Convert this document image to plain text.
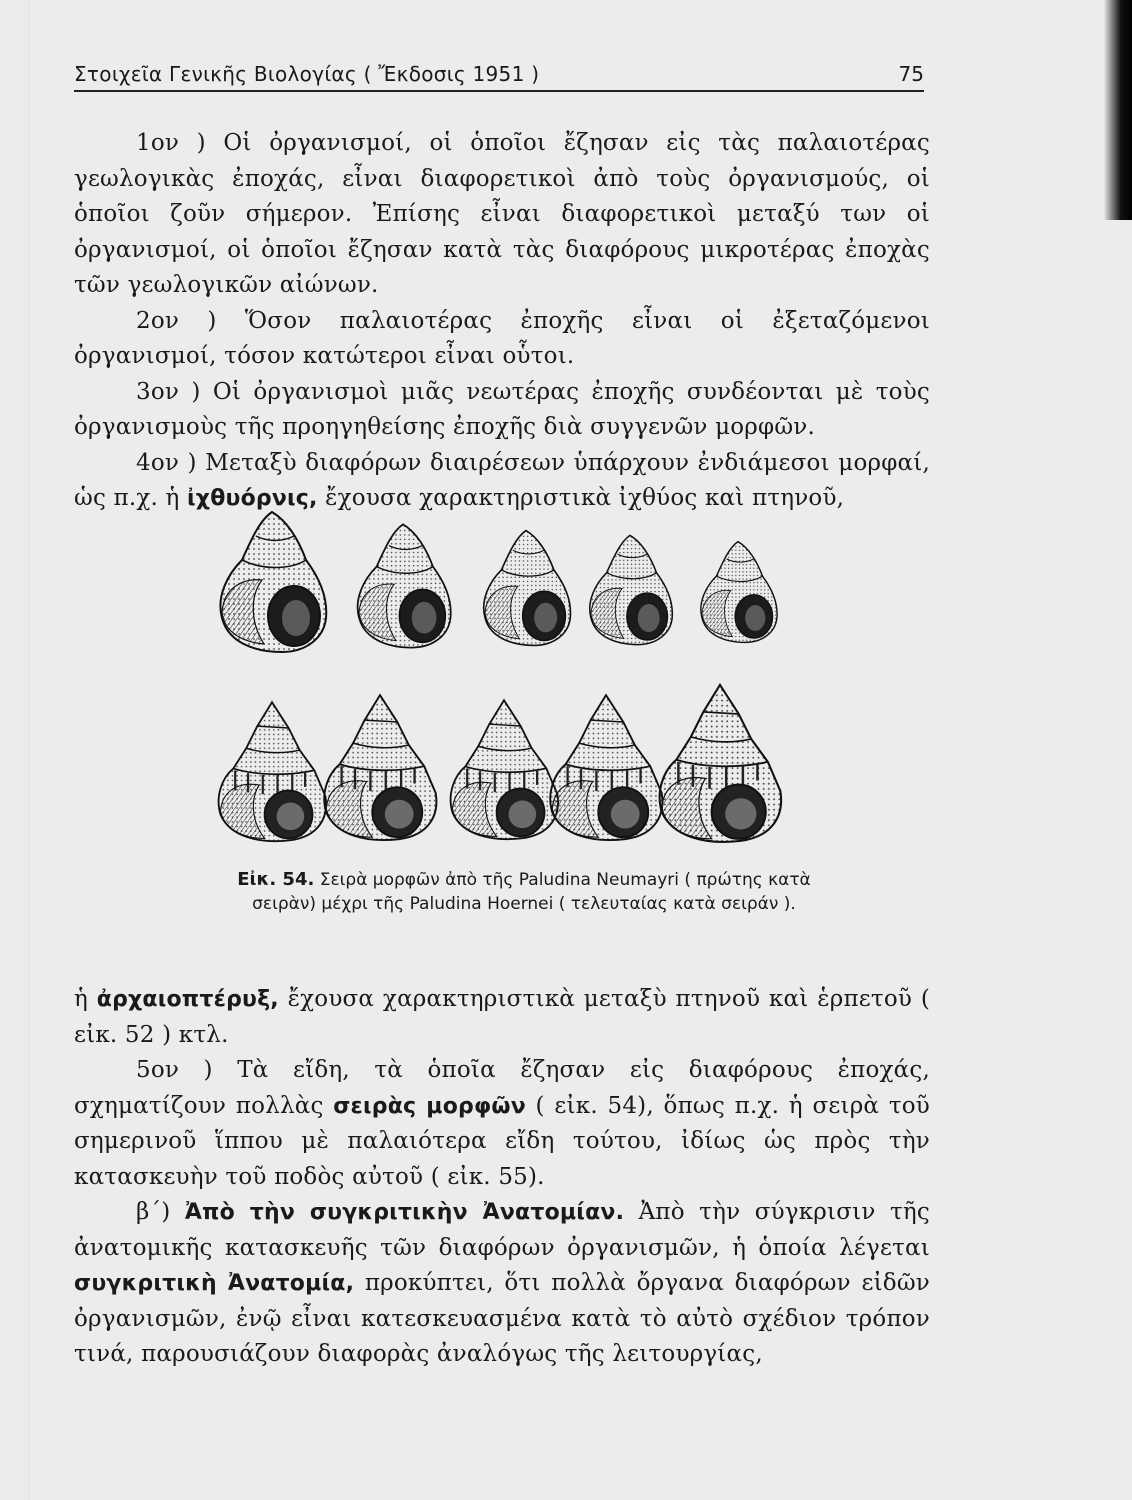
Στοιχεῖα Γενικῆς Βιολογίας ( Ἔκδοσις 1951 )	75

1ον ) Οἱ ὀργανισμοί, οἱ ὁποῖοι ἔζησαν εἰς τὰς παλαιοτέρας γεωλογικὰς ἐποχάς, εἶναι διαφορετικοὶ ἀπὸ τοὺς ὀργανισμούς, οἱ ὁποῖοι ζοῦν σήμερον. Ἐπίσης εἶναι διαφορετικοὶ μεταξύ των οἱ ὀργανισμοί, οἱ ὁποῖοι ἔζησαν κατὰ τὰς διαφόρους μικροτέρας ἐποχὰς τῶν γεωλογικῶν αἰώνων.

2ον ) Ὅσον παλαιοτέρας ἐποχῆς εἶναι οἱ ἐξεταζόμενοι ὀργανισμοί, τόσον κατώτεροι εἶναι οὗτοι.

3ον ) Οἱ ὀργανισμοὶ μιᾶς νεωτέρας ἐποχῆς συνδέονται μὲ τοὺς ὀργανισμοὺς τῆς προηγηθείσης ἐποχῆς διὰ συγγενῶν μορφῶν.

4ον ) Μεταξὺ διαφόρων διαιρέσεων ὑπάρχουν ἐνδιάμεσοι μορφαί, ὡς π.χ. ἡ ἰχθυόρνις, ἔχουσα χαρακτηριστικὰ ἰχθύος καὶ πτηνοῦ,

Εἰκ. 54. Σειρὰ μορφῶν ἀπὸ τῆς Paludina Neumayri ( πρώτης κατὰ σειρὰν) μέχρι τῆς Paludina Hoernei ( τελευταίας κατὰ σειράν ).

ἡ ἀρχαιοπτέρυξ, ἔχουσα χαρακτηριστικὰ μεταξὺ πτηνοῦ καὶ ἑρπετοῦ ( εἰκ. 52 ) κτλ.

5ον ) Τὰ εἴδη, τὰ ὁποῖα ἔζησαν εἰς διαφόρους ἐποχάς, σχηματίζουν πολλὰς σειρὰς μορφῶν ( εἰκ. 54), ὅπως π.χ. ἡ σειρὰ τοῦ σημερινοῦ ἵππου μὲ παλαιότερα εἴδη τούτου, ἰδίως ὡς πρὸς τὴν κατασκευὴν τοῦ ποδὸς αὐτοῦ ( εἰκ. 55).

β΄) Ἀπὸ τὴν συγκριτικὴν Ἀνατομίαν. Ἀπὸ τὴν σύγκρισιν τῆς ἀνατομικῆς κατασκευῆς τῶν διαφόρων ὀργανισμῶν, ἡ ὁποία λέγεται συγκριτικὴ Ἀνατομία, προκύπτει, ὅτι πολλὰ ὄργανα διαφόρων εἰδῶν ὀργανισμῶν, ἐνῷ εἶναι κατεσκευασμένα κατὰ τὸ αὐτὸ σχέδιον τρόπον τινά, παρουσιάζουν διαφορὰς ἀναλόγως τῆς λειτουργίας,
